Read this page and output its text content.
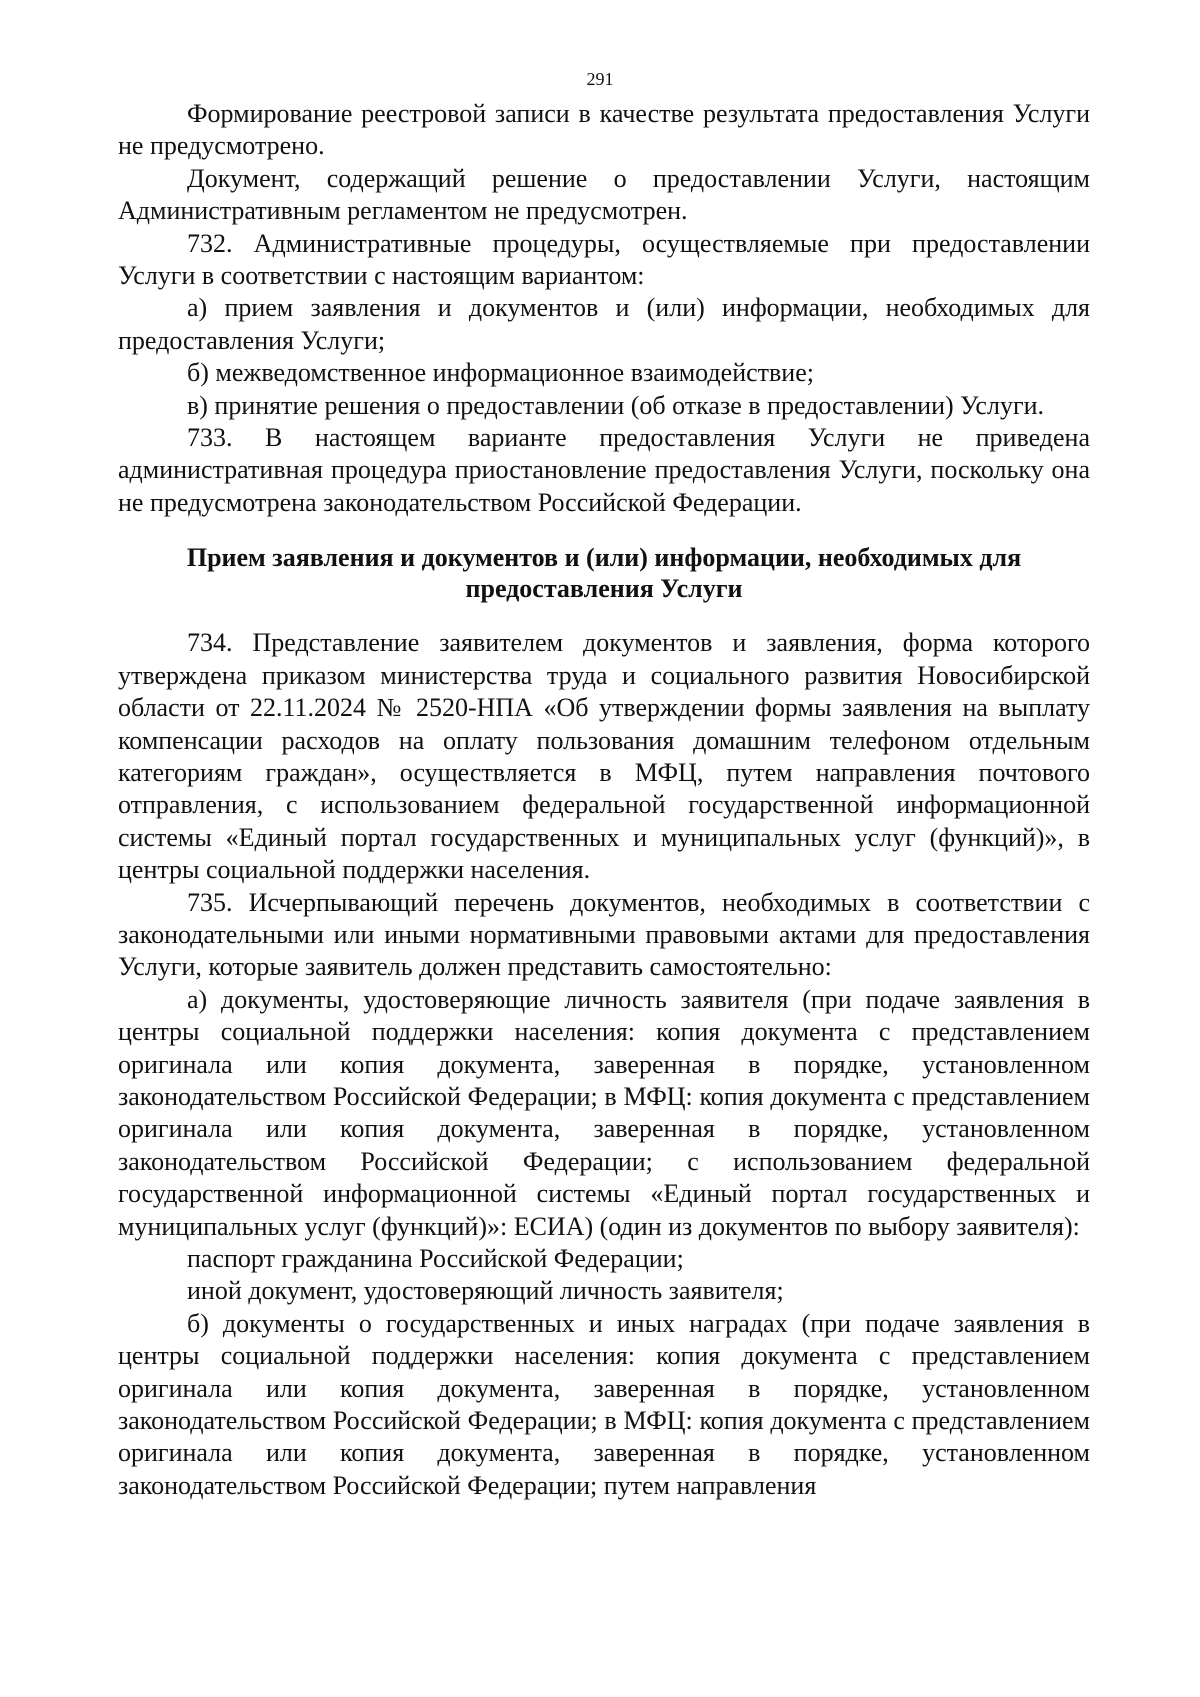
291

Формирование реестровой записи в качестве результата предоставления Услуги не предусмотрено.

Документ, содержащий решение о предоставлении Услуги, настоящим Административным регламентом не предусмотрен.

732. Административные процедуры, осуществляемые при предоставлении Услуги в соответствии с настоящим вариантом:

а) прием заявления и документов и (или) информации, необходимых для предоставления Услуги;

б) межведомственное информационное взаимодействие;

в) принятие решения о предоставлении (об отказе в предоставлении) Услуги.

733. В настоящем варианте предоставления Услуги не приведена административная процедура приостановление предоставления Услуги, поскольку она не предусмотрена законодательством Российской Федерации.

Прием заявления и документов и (или) информации, необходимых для
предоставления Услуги

734. Представление заявителем документов и заявления, форма которого утверждена приказом министерства труда и социального развития Новосибирской области от 22.11.2024 № 2520-НПА «Об утверждении формы заявления на выплату компенсации расходов на оплату пользования домашним телефоном отдельным категориям граждан», осуществляется в МФЦ, путем направления почтового отправления, с использованием федеральной государственной информационной системы «Единый портал государственных и муниципальных услуг (функций)», в центры социальной поддержки населения.

735. Исчерпывающий перечень документов, необходимых в соответствии с законодательными или иными нормативными правовыми актами для предоставления Услуги, которые заявитель должен представить самостоятельно:

а) документы, удостоверяющие личность заявителя (при подаче заявления в центры социальной поддержки населения: копия документа с представлением оригинала или копия документа, заверенная в порядке, установленном законодательством Российской Федерации; в МФЦ: копия документа с представлением оригинала или копия документа, заверенная в порядке, установленном законодательством Российской Федерации; с использованием федеральной государственной информационной системы «Единый портал государственных и муниципальных услуг (функций)»: ЕСИА) (один из документов по выбору заявителя):

паспорт гражданина Российской Федерации;

иной документ, удостоверяющий личность заявителя;

б) документы о государственных и иных наградах (при подаче заявления в центры социальной поддержки населения: копия документа с представлением оригинала или копия документа, заверенная в порядке, установленном законодательством Российской Федерации; в МФЦ: копия документа с представлением оригинала или копия документа, заверенная в порядке, установленном законодательством Российской Федерации; путем направления
